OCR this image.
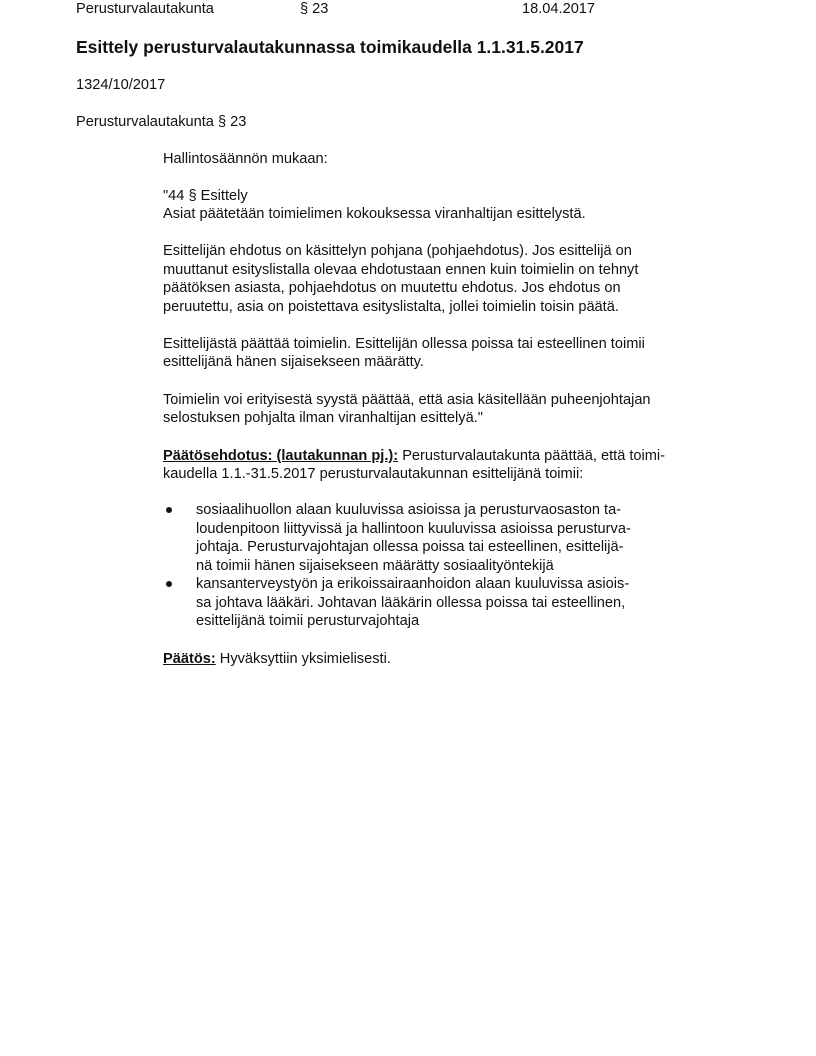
Perusturvalautakunta	§ 23	18.04.2017
Esittely perusturvalautakunnassa toimikaudella 1.1.31.5.2017
1324/10/2017
Perusturvalautakunta § 23
Hallintosäännön mukaan:
"44 § Esittely
Asiat päätetään toimielimen kokouksessa viranhaltijan esittelystä.
Esittelijän ehdotus on käsittelyn pohjana (pohjaehdotus). Jos esittelijä on
muuttanut esityslistalla olevaa ehdotustaan ennen kuin toimielin on tehnyt
päätöksen asiasta, pohjaehdotus on muutettu ehdotus. Jos ehdotus on
peruutettu, asia on poistettava esityslistalta, jollei toimielin toisin päätä.
Esittelijästä päättää toimielin. Esittelijän ollessa poissa tai esteellinen toimii
esittelijänä hänen sijaisekseen määrätty.
Toimielin voi erityisestä syystä päättää, että asia käsitellään puheenjohtajan
selostuksen pohjalta ilman viranhaltijan esittelyä."
Päätösehdotus: (lautakunnan pj.): Perusturvalautakunta päättää, että toimi-
kaudella 1.1.-31.5.2017 perusturvalautakunnan esittelijänä toimii:
sosiaalihuollon alaan kuuluvissa asioissa ja perusturvaosaston ta-
loudenpitoon liittyvissä ja hallintoon kuuluvissa asioissa perusturva-
johtaja. Perusturvajohtajan ollessa poissa tai esteellinen, esittelijä-
nä toimii hänen sijaisekseen määrätty sosiaalityöntekijä
kansanterveystyön ja erikoissairaanhoidon alaan kuuluvissa asiois-
sa johtava lääkäri. Johtavan lääkärin ollessa poissa tai esteellinen,
esittelijänä toimii perusturvajohtaja
Päätös: Hyväksyttiin yksimielisesti.
